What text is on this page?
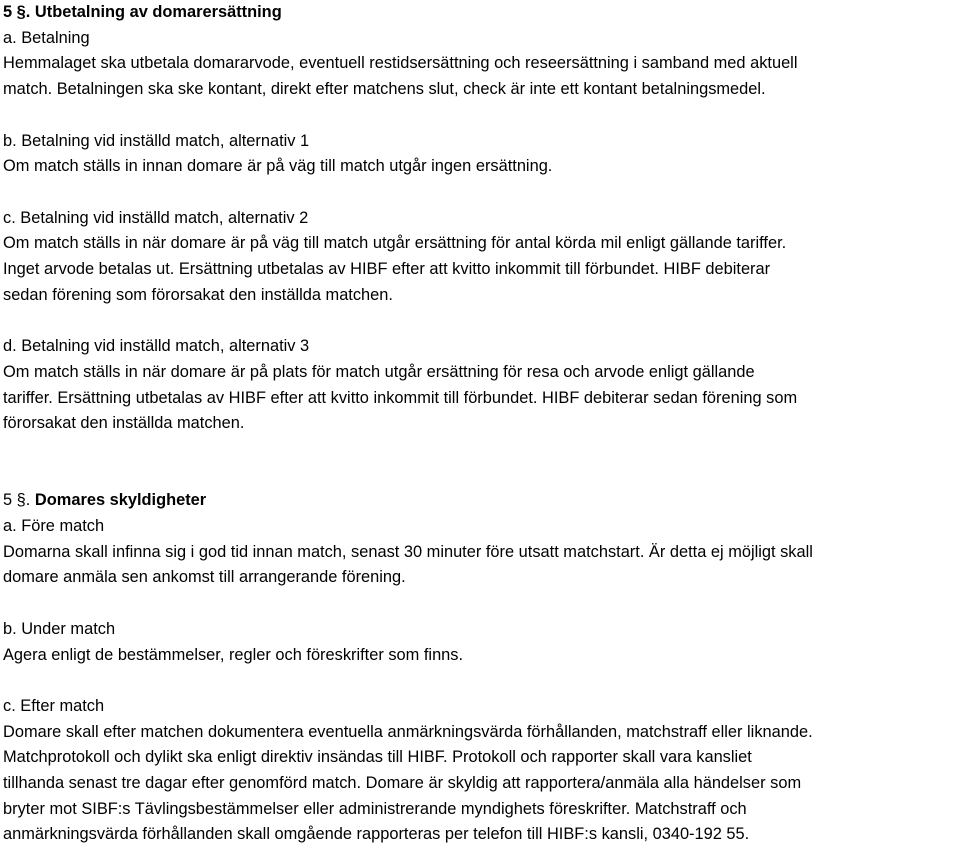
5 §. Utbetalning av domarersättning
a. Betalning
Hemmalaget ska utbetala domararvode, eventuell restidsersättning och reseersättning i samband med aktuell
match. Betalningen ska ske kontant, direkt efter matchens slut, check är inte ett kontant betalningsmedel.
b. Betalning vid inställd match, alternativ 1
Om match ställs in innan domare är på väg till match utgår ingen ersättning.
c. Betalning vid inställd match, alternativ 2
Om match ställs in när domare är på väg till match utgår ersättning för antal körda mil enligt gällande tariffer.
Inget arvode betalas ut. Ersättning utbetalas av HIBF efter att kvitto inkommit till förbundet. HIBF debiterar
sedan förening som förorsakat den inställda matchen.
d. Betalning vid inställd match, alternativ 3
Om match ställs in när domare är på plats för match utgår ersättning för resa och arvode enligt gällande
tariffer. Ersättning utbetalas av HIBF efter att kvitto inkommit till förbundet. HIBF debiterar sedan förening som
förorsakat den inställda matchen.
5 §. Domares skyldigheter
a. Före match
Domarna skall infinna sig i god tid innan match, senast 30 minuter före utsatt matchstart. Är detta ej möjligt skall
domare anmäla sen ankomst till arrangerande förening.
b. Under match
Agera enligt de bestämmelser, regler och föreskrifter som finns.
c. Efter match
Domare skall efter matchen dokumentera eventuella anmärkningsvärda förhållanden, matchstraff eller liknande.
Matchprotokoll och dylikt ska enligt direktiv insändas till HIBF. Protokoll och rapporter skall vara kansliet
tillhanda senast tre dagar efter genomförd match. Domare är skyldig att rapportera/anmäla alla händelser som
bryter mot SIBF:s Tävlingsbestämmelser eller administrerande myndighets föreskrifter. Matchstraff och
anmärkningsvärda förhållanden skall omgående rapporteras per telefon till HIBF:s kansli, 0340-192 55.
